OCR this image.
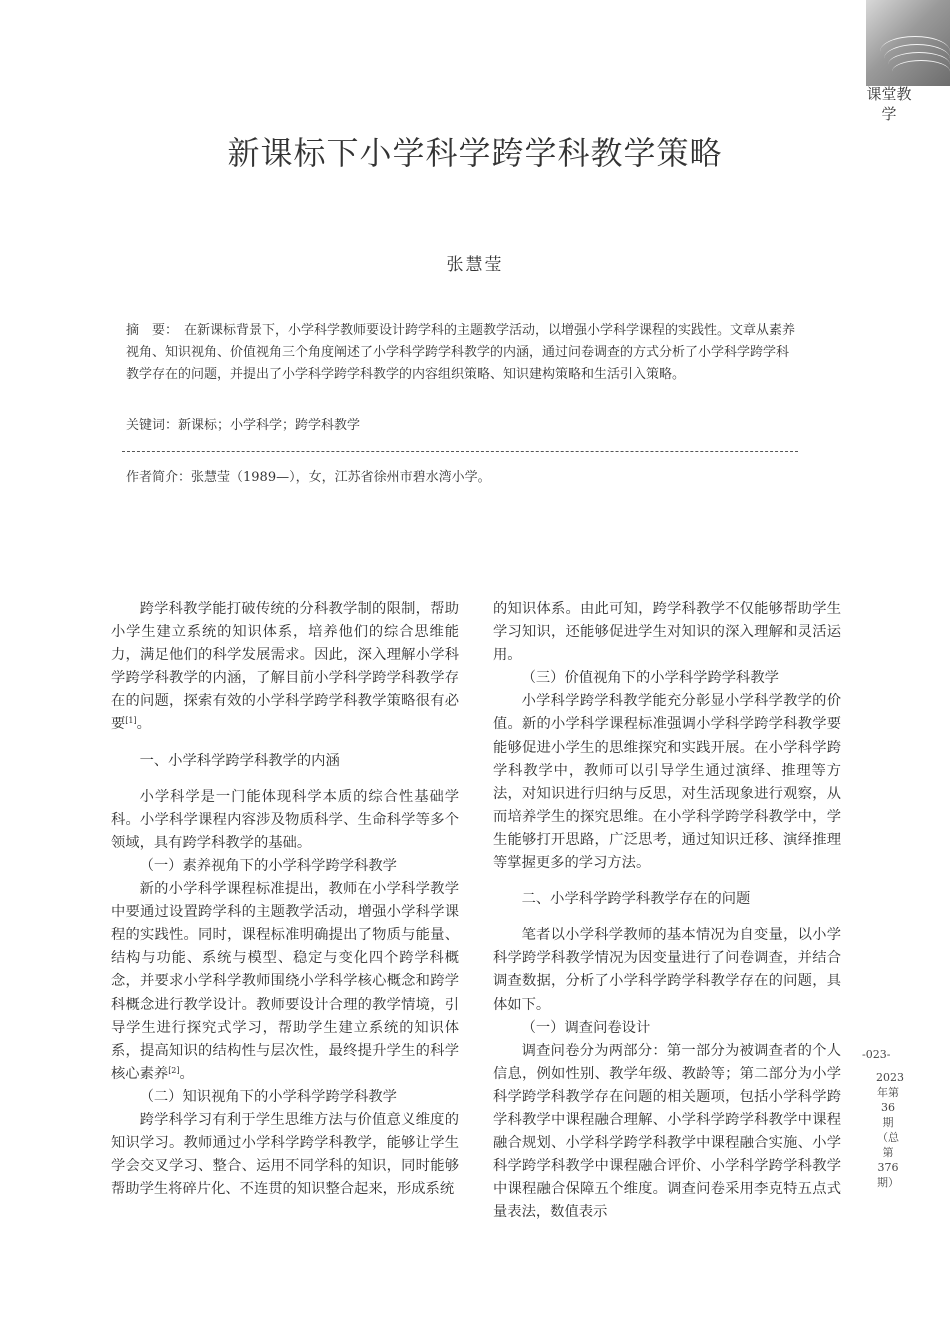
课堂教学
新课标下小学科学跨学科教学策略
张慧莹

摘　要： 在新课标背景下，小学科学教师要设计跨学科的主题教学活动，以增强小学科学课程的实践性。文章从素养视角、知识视角、价值视角三个角度阐述了小学科学跨学科教学的内涵，通过问卷调查的方式分析了小学科学跨学科教学存在的问题，并提出了小学科学跨学科教学的内容组织策略、知识建构策略和生活引入策略。

关键词：新课标；小学科学；跨学科教学
作者简介：张慧莹（1989—），女，江苏省徐州市碧水湾小学。

跨学科教学能打破传统的分科教学制的限制，帮助小学生建立系统的知识体系，培养他们的综合思维能力，满足他们的科学发展需求。因此，深入理解小学科学跨学科教学的内涵，了解目前小学科学跨学科教学存在的问题，探索有效的小学科学跨学科教学策略很有必要[1]。

一、小学科学跨学科教学的内涵

小学科学是一门能体现科学本质的综合性基础学科。小学科学课程内容涉及物质科学、生命科学等多个领域，具有跨学科教学的基础。

（一）素养视角下的小学科学跨学科教学

新的小学科学课程标准提出，教师在小学科学教学中要通过设置跨学科的主题教学活动，增强小学科学课程的实践性。同时，课程标准明确提出了物质与能量、结构与功能、系统与模型、稳定与变化四个跨学科概念，并要求小学科学教师围绕小学科学核心概念和跨学科概念进行教学设计。教师要设计合理的教学情境，引导学生进行探究式学习，帮助学生建立系统的知识体系，提高知识的结构性与层次性，最终提升学生的科学核心素养[2]。

（二）知识视角下的小学科学跨学科教学

跨学科学习有利于学生思维方法与价值意义维度的知识学习。教师通过小学科学跨学科教学，能够让学生学会交叉学习、整合、运用不同学科的知识，同时能够帮助学生将碎片化、不连贯的知识整合起来，形成系统

的知识体系。由此可知，跨学科教学不仅能够帮助学生学习知识，还能够促进学生对知识的深入理解和灵活运用。

（三）价值视角下的小学科学跨学科教学

小学科学跨学科教学能充分彰显小学科学教学的价值。新的小学科学课程标准强调小学科学跨学科教学要能够促进小学生的思维探究和实践开展。在小学科学跨学科教学中，教师可以引导学生通过演绎、推理等方法，对知识进行归纳与反思，对生活现象进行观察，从而培养学生的探究思维。在小学科学跨学科教学中，学生能够打开思路，广泛思考，通过知识迁移、演绎推理等掌握更多的学习方法。

二、小学科学跨学科教学存在的问题

笔者以小学科学教师的基本情况为自变量，以小学科学跨学科教学情况为因变量进行了问卷调查，并结合调查数据，分析了小学科学跨学科教学存在的问题，具体如下。

（一）调查问卷设计

调查问卷分为两部分：第一部分为被调查者的个人信息，例如性别、教学年级、教龄等；第二部分为小学科学跨学科教学存在问题的相关题项，包括小学科学跨学科教学中课程融合理解、小学科学跨学科教学中课程融合规划、小学科学跨学科教学中课程融合实施、小学科学跨学科教学中课程融合评价、小学科学跨学科教学中课程融合保障五个维度。调查问卷采用李克特五点式量表法，数值表示

-023-
2023年第36期（总第376期）
